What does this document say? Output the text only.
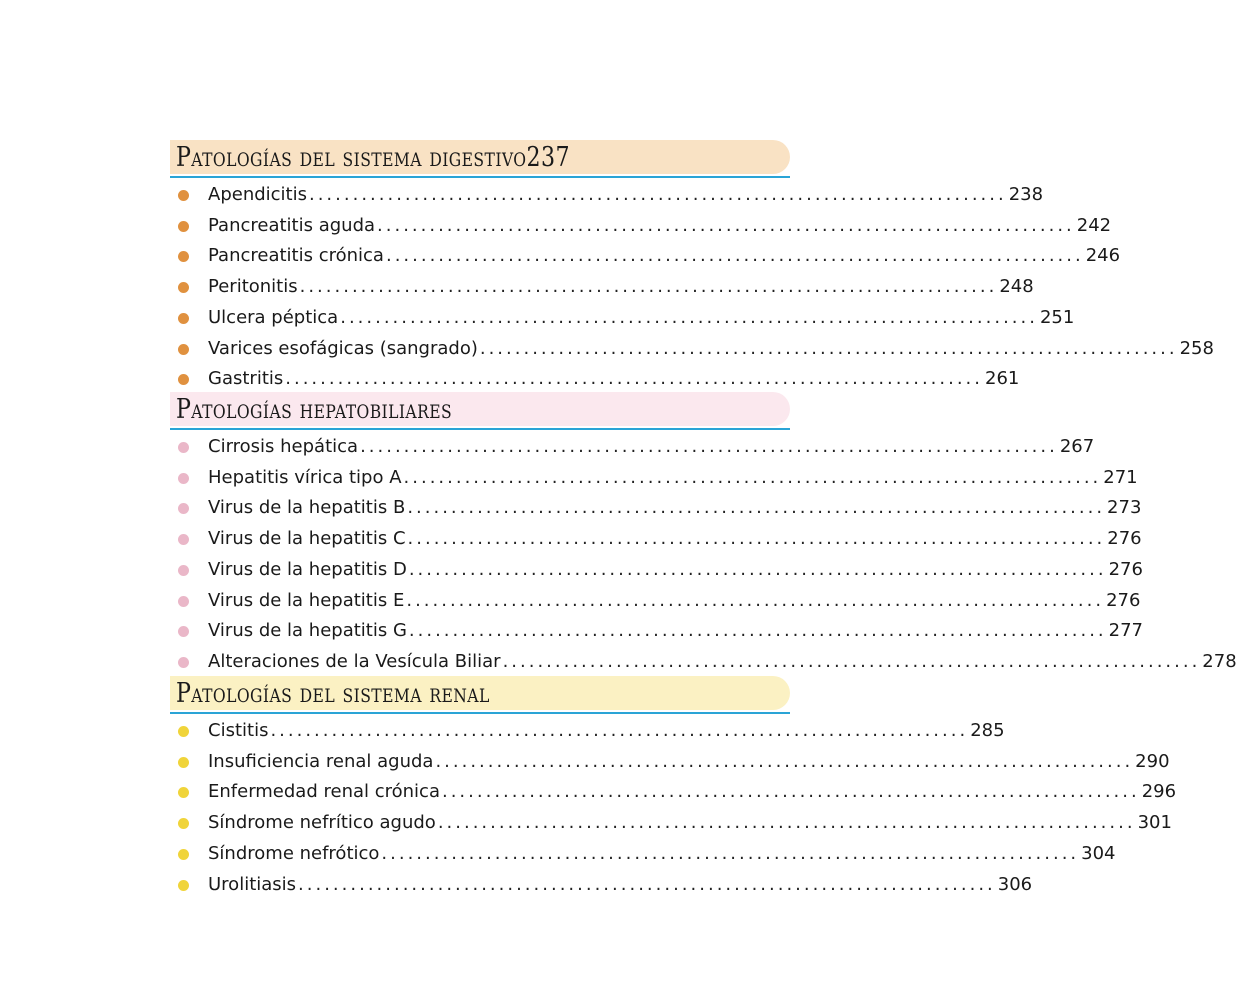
Patologías del sistema digestivo237
Apendicitis ................................................................................ 238
Pancreatitis aguda ................................................................................ 242
Pancreatitis crónica ................................................................................ 246
Peritonitis ................................................................................ 248
Ulcera péptica ................................................................................ 251
Varices esofágicas (sangrado) ................................................................................ 258
Gastritis ................................................................................ 261
Patologías hepatobiliares
Cirrosis hepática ................................................................................ 267
Hepatitis vírica tipo A ................................................................................ 271
Virus de la hepatitis B ................................................................................ 273
Virus de la hepatitis C ................................................................................ 276
Virus de la hepatitis D ................................................................................ 276
Virus de la hepatitis E ................................................................................ 276
Virus de la hepatitis G ................................................................................ 277
Alteraciones de la Vesícula Biliar ................................................................................ 278
Patologías del sistema renal
Cistitis ................................................................................ 285
Insuficiencia renal aguda ................................................................................ 290
Enfermedad renal crónica ................................................................................ 296
Síndrome nefrítico agudo ................................................................................ 301
Síndrome nefrótico ................................................................................ 304
Urolitiasis ................................................................................ 306
